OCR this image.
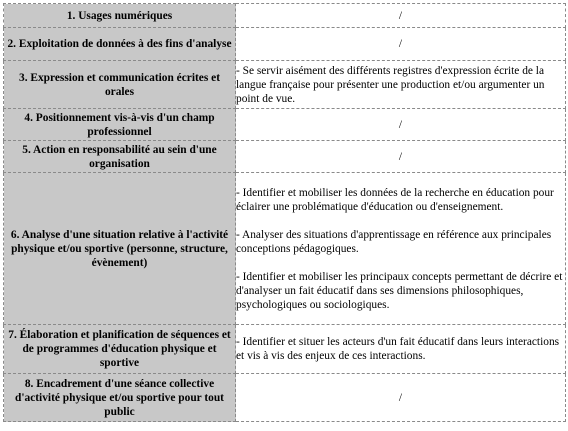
1. Usages numériques	/
2. Exploitation de données à des fins d'analyse	/
3. Expression et communication écrites et orales	- Se servir aisément des différents registres d'expression écrite de la langue française pour présenter une production et/ou argumenter un point de vue.

4. Positionnement vis-à-vis d'un champ professionnel	/
5. Action en responsabilité au sein d'une organisation	/
6. Analyse d'une situation relative à l'activité physique et/ou sportive (personne, structure, évènement)	- Identifier et mobiliser les données de la recherche en éducation pour éclairer une problématique d'éducation ou d'enseignement.
- Analyser des situations d'apprentissage en référence aux principales conceptions pédagogiques.
- Identifier et mobiliser les principaux concepts permettant de décrire et d'analyser un fait éducatif dans ses dimensions philosophiques, psychologiques ou sociologiques.

7. Élaboration et planification de séquences et de programmes d'éducation physique et sportive	- Identifier et situer les acteurs d'un fait éducatif dans leurs interactions et vis à vis des enjeux de ces interactions.

8. Encadrement d'une séance collective d'activité physique et/ou sportive pour tout public	/
